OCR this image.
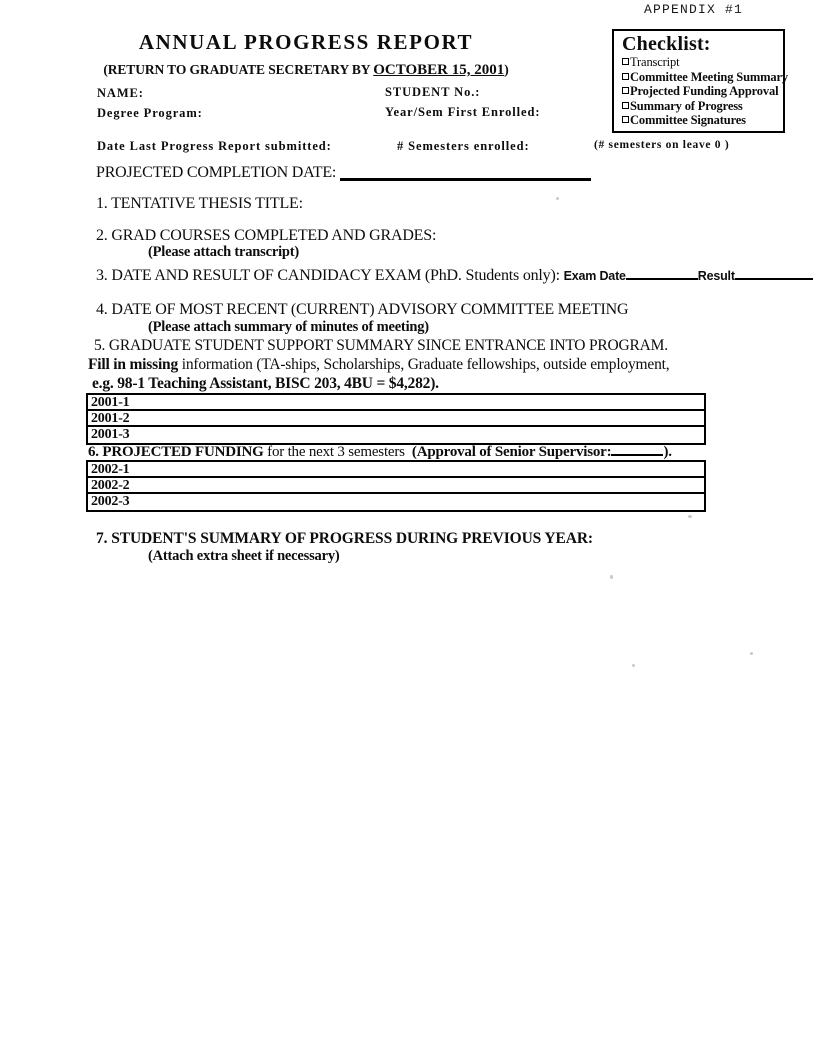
APPENDIX #1
Checklist:
Transcript
Committee Meeting Summary
Projected Funding Approval
Summary of Progress
Committee Signatures
ANNUAL PROGRESS REPORT
(RETURN TO GRADUATE SECRETARY BY OCTOBER 15, 2001)
NAME:	STUDENT No.:
Degree Program:	Year/Sem First Enrolled:
Date Last Progress Report submitted:	# Semesters enrolled:	(# semesters on leave 0 )
PROJECTED COMPLETION DATE:
1. TENTATIVE THESIS TITLE:
2. GRAD COURSES COMPLETED AND GRADES:
(Please attach transcript)
3. DATE AND RESULT OF CANDIDACY EXAM (PhD. Students only): Exam Date	Result
4. DATE OF MOST RECENT (CURRENT) ADVISORY COMMITTEE MEETING
(Please attach summary of minutes of meeting)
5. GRADUATE STUDENT SUPPORT SUMMARY SINCE ENTRANCE INTO PROGRAM.
Fill in missing information (TA-ships, Scholarships, Graduate fellowships, outside employment,
e.g. 98-1 Teaching Assistant, BISC 203, 4BU = $4,282).
2001-1
2001-2
2001-3
6. PROJECTED FUNDING for the next 3 semesters (Approval of Senior Supervisor:	).
2002-1
2002-2
2002-3
7. STUDENT'S SUMMARY OF PROGRESS DURING PREVIOUS YEAR:
(Attach extra sheet if necessary)
